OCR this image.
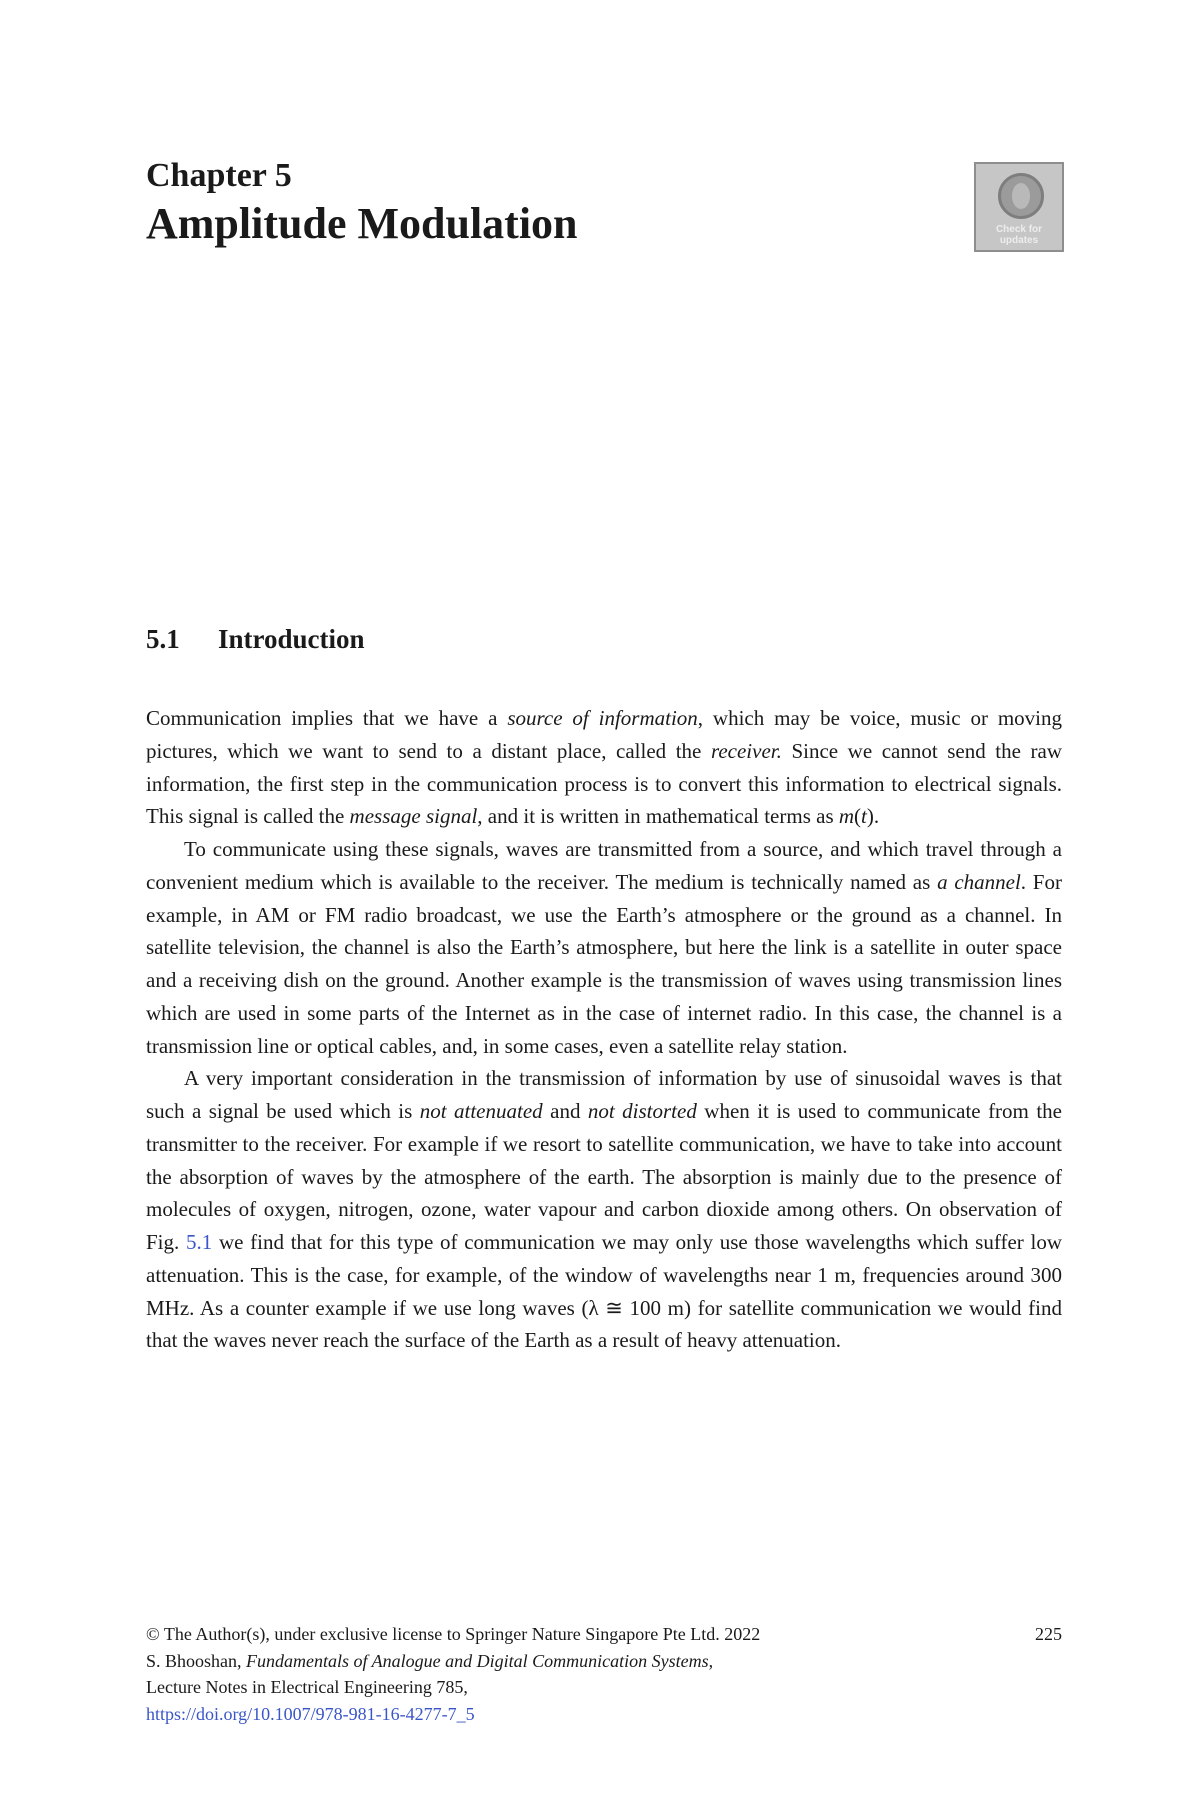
Chapter 5
Amplitude Modulation	Check for
updates
5.1 Introduction

Communication implies that we have a source of information, which may be voice, music or moving pictures, which we want to send to a distant place, called the receiver. Since we cannot send the raw information, the first step in the communication process is to convert this information to electrical signals. This signal is called the message signal, and it is written in mathematical terms as m(t).

To communicate using these signals, waves are transmitted from a source, and which travel through a convenient medium which is available to the receiver. The medium is technically named as a channel. For example, in AM or FM radio broadcast, we use the Earth’s atmosphere or the ground as a channel. In satellite television, the channel is also the Earth’s atmosphere, but here the link is a satellite in outer space and a receiving dish on the ground. Another example is the transmission of waves using transmission lines which are used in some parts of the Internet as in the case of internet radio. In this case, the channel is a transmission line or optical cables, and, in some cases, even a satellite relay station.

A very important consideration in the transmission of information by use of sinusoidal waves is that such a signal be used which is not attenuated and not distorted when it is used to communicate from the transmitter to the receiver. For example if we resort to satellite communication, we have to take into account the absorption of waves by the atmosphere of the earth. The absorption is mainly due to the presence of molecules of oxygen, nitrogen, ozone, water vapour and carbon dioxide among others. On observation of Fig. 5.1 we find that for this type of communication we may only use those wavelengths which suffer low attenuation. This is the case, for example, of the window of wavelengths near 1 m, frequencies around 300 MHz. As a counter example if we use long waves (λ ≅ 100 m) for satellite communication we would find that the waves never reach the surface of the Earth as a result of heavy attenuation.

© The Author(s), under exclusive license to Springer Nature Singapore Pte Ltd. 2022	225
S. Bhooshan, Fundamentals of Analogue and Digital Communication Systems,
Lecture Notes in Electrical Engineering 785,
https://doi.org/10.1007/978-981-16-4277-7_5
